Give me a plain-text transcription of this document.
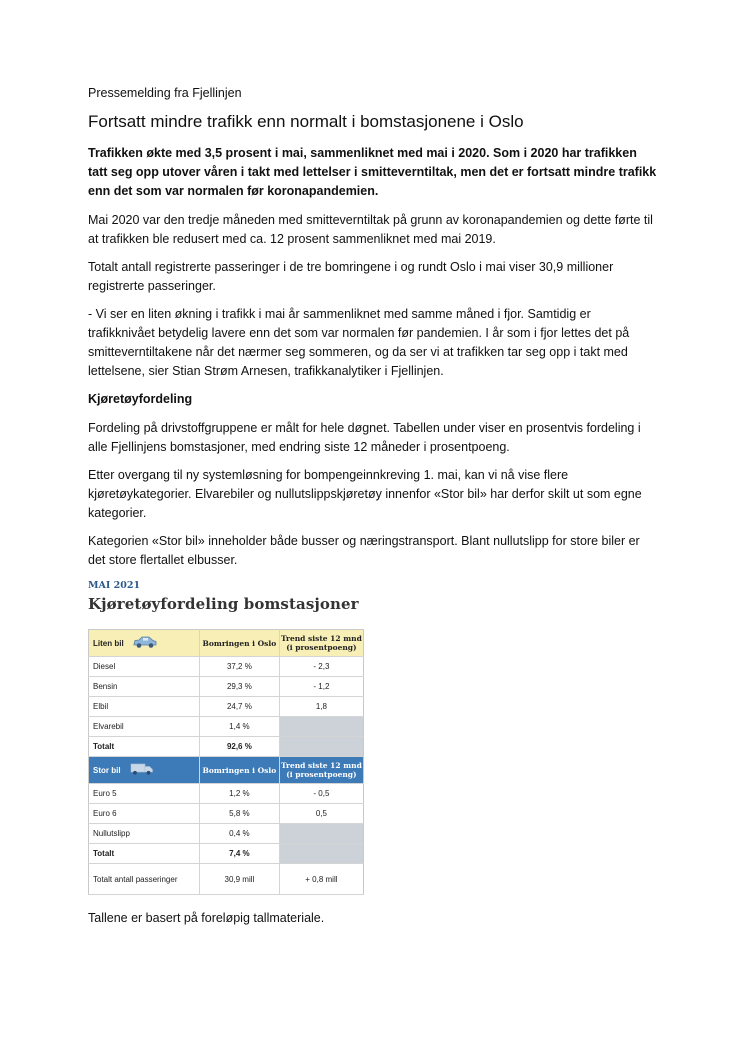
Pressemelding fra Fjellinjen
Fortsatt mindre trafikk enn normalt i bomstasjonene i Oslo

Trafikken økte med 3,5 prosent i mai, sammenliknet med mai i 2020. Som i 2020 har trafikken tatt seg opp utover våren i takt med lettelser i smitteverntiltak, men det er fortsatt mindre trafikk enn det som var normalen før koronapandemien.

Mai 2020 var den tredje måneden med smitteverntiltak på grunn av koronapandemien og dette førte til at trafikken ble redusert med ca. 12 prosent sammenliknet med mai 2019.

Totalt antall registrerte passeringer i de tre bomringene i og rundt Oslo i mai viser 30,9 millioner registrerte passeringer.

- Vi ser en liten økning i trafikk i mai år sammenliknet med samme måned i fjor. Samtidig er trafikknivået betydelig lavere enn det som var normalen før pandemien. I år som i fjor lettes det på smitteverntiltakene når det nærmer seg sommeren, og da ser vi at trafikken tar seg opp i takt med lettelsene, sier Stian Strøm Arnesen, trafikkanalytiker i Fjellinjen.

Kjøretøyfordeling

Fordeling på drivstoffgruppene er målt for hele døgnet. Tabellen under viser en prosentvis fordeling i alle Fjellinjens bomstasjoner, med endring siste 12 måneder i prosentpoeng.

Etter overgang til ny systemløsning for bompengeinnkreving 1. mai, kan vi nå vise flere kjøretøykategorier. Elvarebiler og nullutslippskjøretøy innenfor «Stor bil» har derfor skilt ut som egne kategorier.

Kategorien «Stor bil» inneholder både busser og næringstransport. Blant nullutslipp for store biler er det store flertallet elbusser.

MAI 2021
Kjøretøyfordeling bomstasjoner
Liten bil	Bomringen i Oslo	Trend siste 12 mnd
(i prosentpoeng)

Diesel	37,2 %	- 2,3
Bensin	29,3 %	- 1,2
Elbil	24,7 %	1,8
Elvarebil	1,4 %	
Totalt	92,6 %	

Stor bil	Bomringen i Oslo	Trend siste 12 mnd
(i prosentpoeng)

Euro 5	1,2 %	- 0,5
Euro 6	5,8 %	0,5
Nullutslipp	0,4 %	
Totalt	7,4 %	
Totalt antall passeringer	30,9 mill	+ 0,8 mill

Tallene er basert på foreløpig tallmateriale.
